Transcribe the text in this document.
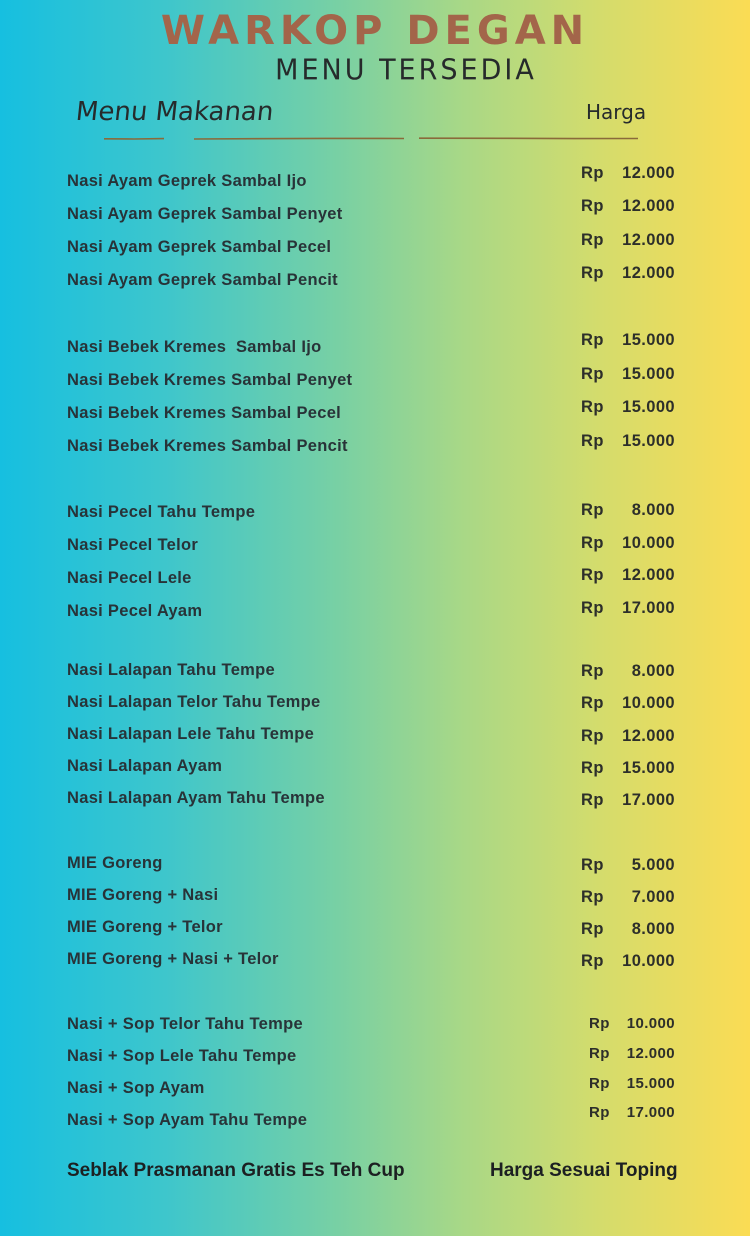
WARKOP DEGAN
MENU TERSEDIA
Menu Makanan	Harga
Nasi Ayam Geprek Sambal Ijo	Rp 12.000
Nasi Ayam Geprek Sambal Penyet	Rp 12.000
Nasi Ayam Geprek Sambal Pecel	Rp 12.000
Nasi Ayam Geprek Sambal Pencit	Rp 12.000
Nasi Bebek Kremes  Sambal Ijo	Rp 15.000
Nasi Bebek Kremes Sambal Penyet	Rp 15.000
Nasi Bebek Kremes Sambal Pecel	Rp 15.000
Nasi Bebek Kremes Sambal Pencit	Rp 15.000
Nasi Pecel Tahu Tempe	Rp 8.000
Nasi Pecel Telor	Rp 10.000
Nasi Pecel Lele	Rp 12.000
Nasi Pecel Ayam	Rp 17.000
Nasi Lalapan Tahu Tempe	Rp 8.000
Nasi Lalapan Telor Tahu Tempe	Rp 10.000
Nasi Lalapan Lele Tahu Tempe	Rp 12.000
Nasi Lalapan Ayam	Rp 15.000
Nasi Lalapan Ayam Tahu Tempe	Rp 17.000
MIE Goreng	Rp 5.000
MIE Goreng + Nasi	Rp 7.000
MIE Goreng + Telor	Rp 8.000
MIE Goreng + Nasi + Telor	Rp 10.000
Nasi + Sop Telor Tahu Tempe	Rp 10.000
Nasi + Sop Lele Tahu Tempe	Rp 12.000
Nasi + Sop Ayam	Rp 15.000
Nasi + Sop Ayam Tahu Tempe	Rp 17.000
Seblak Prasmanan Gratis Es Teh Cup	Harga Sesuai Toping
